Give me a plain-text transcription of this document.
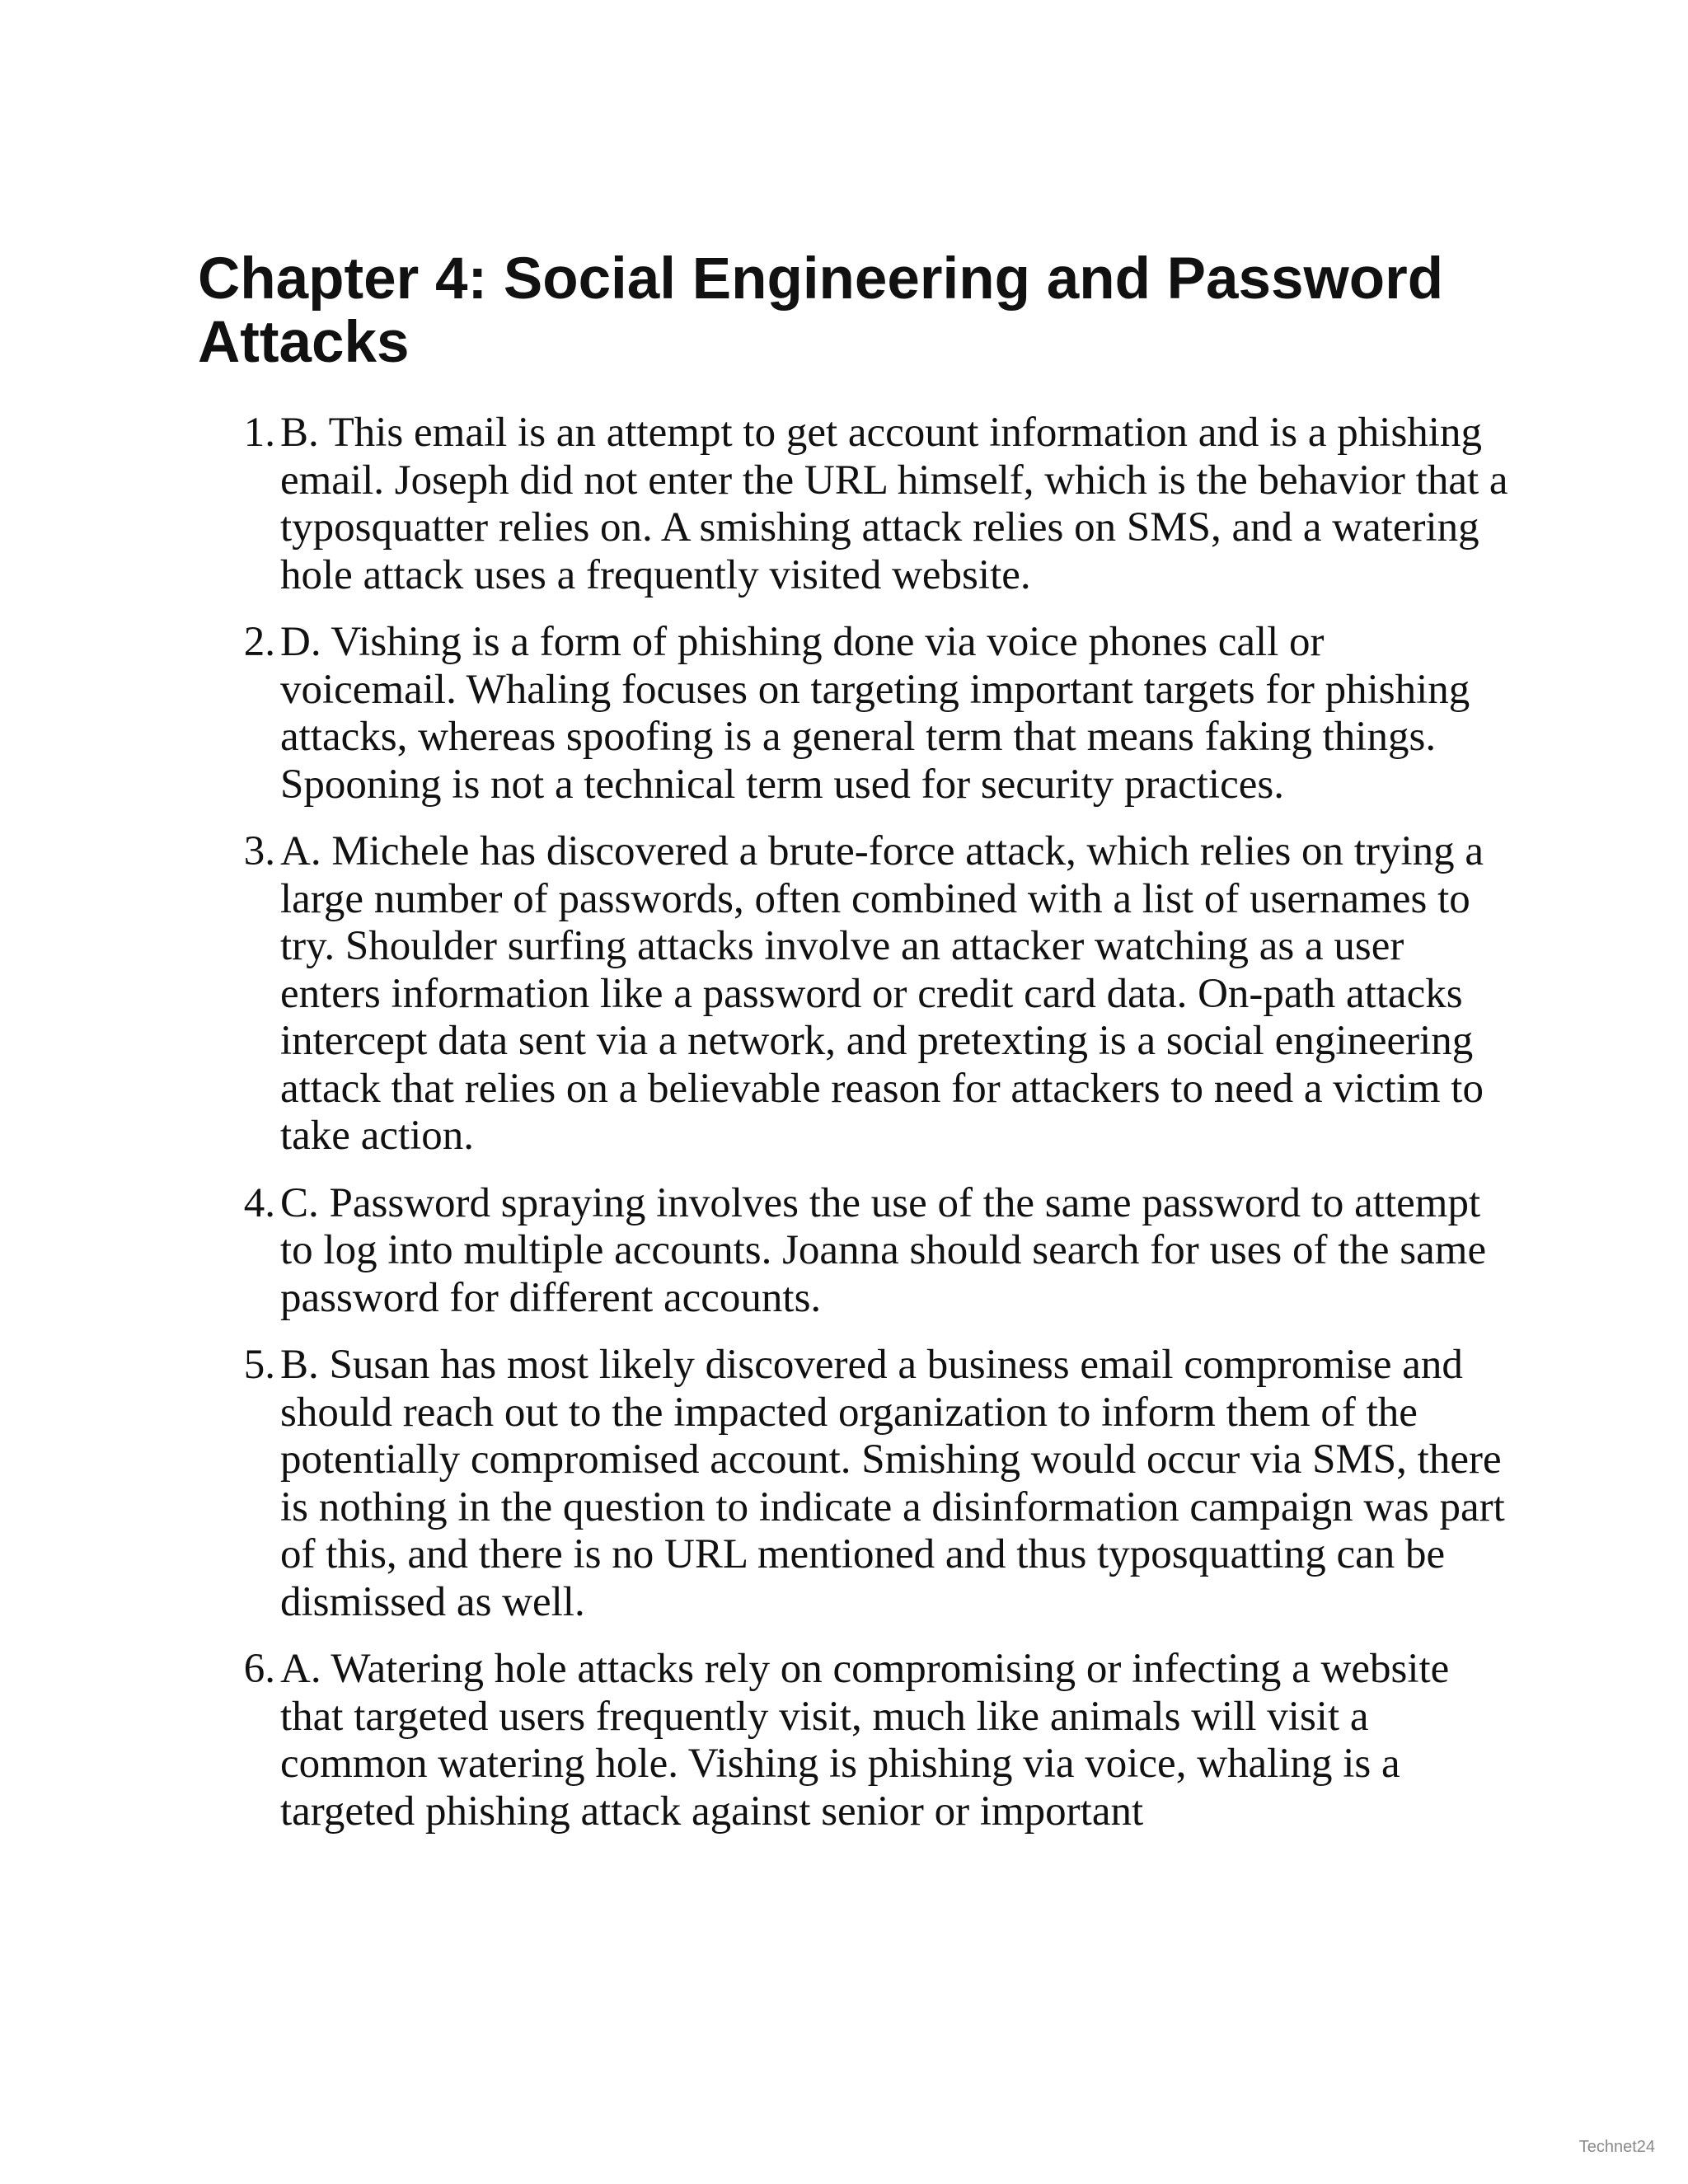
Chapter 4: Social Engineering and Password Attacks
1. B. This email is an attempt to get account information and is a phishing email. Joseph did not enter the URL himself, which is the behavior that a typosquatter relies on. A smishing attack relies on SMS, and a watering hole attack uses a frequently visited website.
2. D. Vishing is a form of phishing done via voice phones call or voicemail. Whaling focuses on targeting important targets for phishing attacks, whereas spoofing is a general term that means faking things. Spooning is not a technical term used for security practices.
3. A. Michele has discovered a brute-force attack, which relies on trying a large number of passwords, often combined with a list of usernames to try. Shoulder surfing attacks involve an attacker watching as a user enters information like a password or credit card data. On-path attacks intercept data sent via a network, and pretexting is a social engineering attack that relies on a believable reason for attackers to need a victim to take action.
4. C. Password spraying involves the use of the same password to attempt to log into multiple accounts. Joanna should search for uses of the same password for different accounts.
5. B. Susan has most likely discovered a business email compromise and should reach out to the impacted organization to inform them of the potentially compromised account. Smishing would occur via SMS, there is nothing in the question to indicate a disinformation campaign was part of this, and there is no URL mentioned and thus typosquatting can be dismissed as well.
6. A. Watering hole attacks rely on compromising or infecting a website that targeted users frequently visit, much like animals will visit a common watering hole. Vishing is phishing via voice, whaling is a targeted phishing attack against senior or important
Technet24
